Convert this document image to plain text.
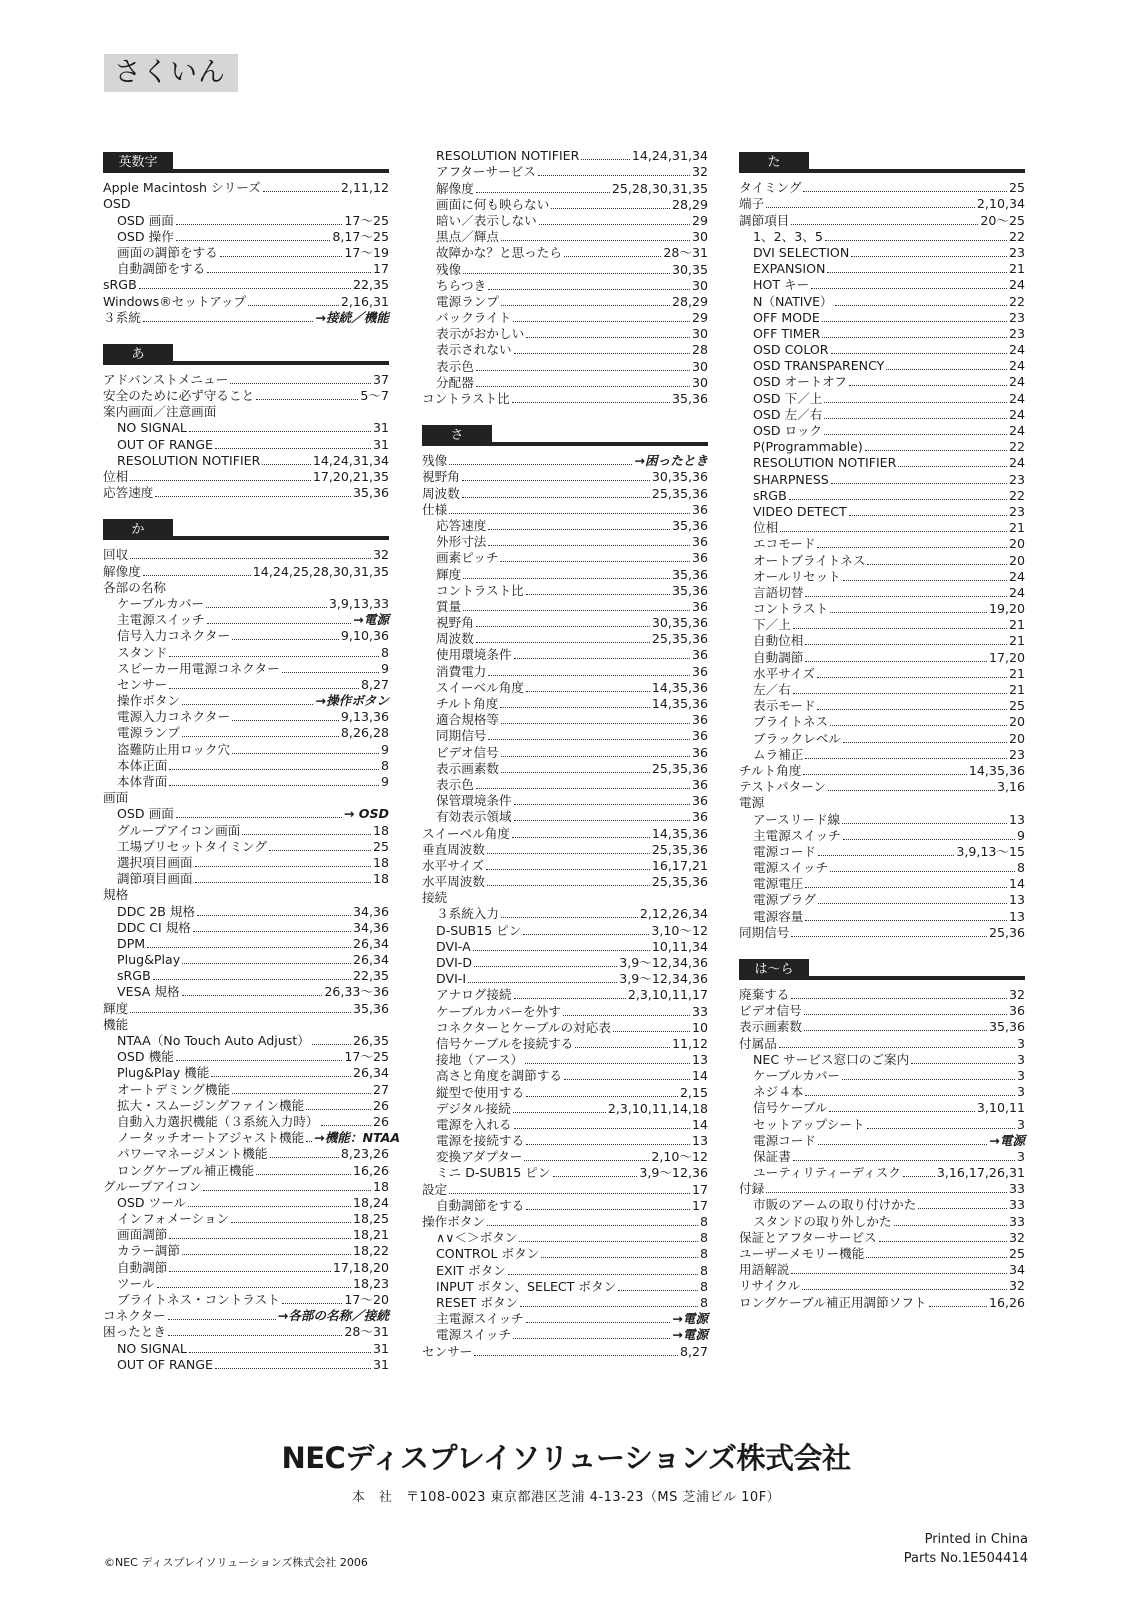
さくいん
英数字
Apple Macintosh シリーズ	2,11,12
OSD
OSD 画面	17～25
OSD 操作	8,17～25
画面の調節をする	17～19
自動調節をする	17
sRGB	22,35
Windows®セットアップ	2,16,31
３系統	→接続／機能
あ
アドバンストメニュー	37
安全のために必ず守ること	5～7
案内画面／注意画面
NO SIGNAL	31
OUT OF RANGE	31
RESOLUTION NOTIFIER	14,24,31,34
位相	17,20,21,35
応答速度	35,36
か
回収	32
解像度	14,24,25,28,30,31,35
各部の名称
ケーブルカバー	3,9,13,33
主電源スイッチ	→電源
信号入力コネクター	9,10,36
スタンド	8
スピーカー用電源コネクター	9
センサー	8,27
操作ボタン	→操作ボタン
電源入力コネクター	9,13,36
電源ランプ	8,26,28
盗難防止用ロック穴	9
本体正面	8
本体背面	9
画面
OSD 画面	→ OSD
グループアイコン画面	18
工場プリセットタイミング	25
選択項目画面	18
調節項目画面	18
規格
DDC 2B 規格	34,36
DDC CI 規格	34,36
DPM	26,34
Plug&Play	26,34
sRGB	22,35
VESA 規格	26,33～36
輝度	35,36
機能
NTAA（No Touch Auto Adjust）	26,35
OSD 機能	17～25
Plug&Play 機能	26,34
オートデミング機能	27
拡大・スムージングファイン機能	26
自動入力選択機能（３系統入力時）	26
ノータッチオートアジャスト機能 →機能：NTAA
パワーマネージメント機能	8,23,26
ロングケーブル補正機能	16,26
グループアイコン	18
OSD ツール	18,24
インフォメーション	18,25
画面調節	18,21
カラー調節	18,22
自動調節	17,18,20
ツール	18,23
ブライトネス・コントラスト	17～20
コネクター	→各部の名称／接続
困ったとき	28～31
NO SIGNAL	31
OUT OF RANGE	31
RESOLUTION NOTIFIER	14,24,31,34
アフターサービス	32
解像度	25,28,30,31,35
画面に何も映らない	28,29
暗い／表示しない	29
黒点／輝点	30
故障かな？と思ったら	28～31
残像	30,35
ちらつき	30
電源ランプ	28,29
バックライト	29
表示がおかしい	30
表示されない	28
表示色	30
分配器	30
コントラスト比	35,36
さ
残像	→困ったとき
視野角	30,35,36
周波数	25,35,36
仕様	36
応答速度	35,36
外形寸法	36
画素ピッチ	36
輝度	35,36
コントラスト比	35,36
質量	36
視野角	30,35,36
周波数	25,35,36
使用環境条件	36
消費電力	36
スイーベル角度	14,35,36
チルト角度	14,35,36
適合規格等	36
同期信号	36
ビデオ信号	36
表示画素数	25,35,36
表示色	36
保管環境条件	36
有効表示領域	36
スイーベル角度	14,35,36
垂直周波数	25,35,36
水平サイズ	16,17,21
水平周波数	25,35,36
接続
３系統入力	2,12,26,34
D-SUB15 ピン	3,10～12
DVI-A	10,11,34
DVI-D	3,9～12,34,36
DVI-I	3,9～12,34,36
アナログ接続	2,3,10,11,17
ケーブルカバーを外す	33
コネクターとケーブルの対応表	10
信号ケーブルを接続する	11,12
接地（アース）	13
高さと角度を調節する	14
縦型で使用する	2,15
デジタル接続	2,3,10,11,14,18
電源を入れる	14
電源を接続する	13
変換アダプター	2,10～12
ミニ D-SUB15 ピン	3,9～12,36
設定	17
自動調節をする	17
操作ボタン	8
∧∨＜＞ボタン	8
CONTROL ボタン	8
EXIT ボタン	8
INPUT ボタン、SELECT ボタン	8
RESET ボタン	8
主電源スイッチ	→電源
電源スイッチ	→電源
センサー	8,27
た
タイミング	25
端子	2,10,34
調節項目	20～25
1、2、3、5	22
DVI SELECTION	23
EXPANSION	21
HOT キー	24
N（NATIVE）	22
OFF MODE	23
OFF TIMER	23
OSD COLOR	24
OSD TRANSPARENCY	24
OSD オートオフ	24
OSD 下／上	24
OSD 左／右	24
OSD ロック	24
P(Programmable)	22
RESOLUTION NOTIFIER	24
SHARPNESS	23
sRGB	22
VIDEO DETECT	23
位相	21
エコモード	20
オートブライトネス	20
オールリセット	24
言語切替	24
コントラスト	19,20
下／上	21
自動位相	21
自動調節	17,20
水平サイズ	21
左／右	21
表示モード	25
ブライトネス	20
ブラックレベル	20
ムラ補正	23
チルト角度	14,35,36
テストパターン	3,16
電源
アースリード線	13
主電源スイッチ	9
電源コード	3,9,13～15
電源スイッチ	8
電源電圧	14
電源プラグ	13
電源容量	13
同期信号	25,36
は～ら
廃棄する	32
ビデオ信号	36
表示画素数	35,36
付属品	3
NEC サービス窓口のご案内	3
ケーブルカバー	3
ネジ４本	3
信号ケーブル	3,10,11
セットアップシート	3
電源コード	→電源
保証書	3
ユーティリティーディスク	3,16,17,26,31
付録	33
市販のアームの取り付けかた	33
スタンドの取り外しかた	33
保証とアフターサービス	32
ユーザーメモリー機能	25
用語解説	34
リサイクル	32
ロングケーブル補正用調節ソフト	16,26
NECディスプレイソリューションズ株式会社
本　社　〒108-0023 東京都港区芝浦 4-13-23（MS 芝浦ビル 10F）
Printed in China
Parts No.1E504414
©NEC ディスプレイソリューションズ株式会社 2006
